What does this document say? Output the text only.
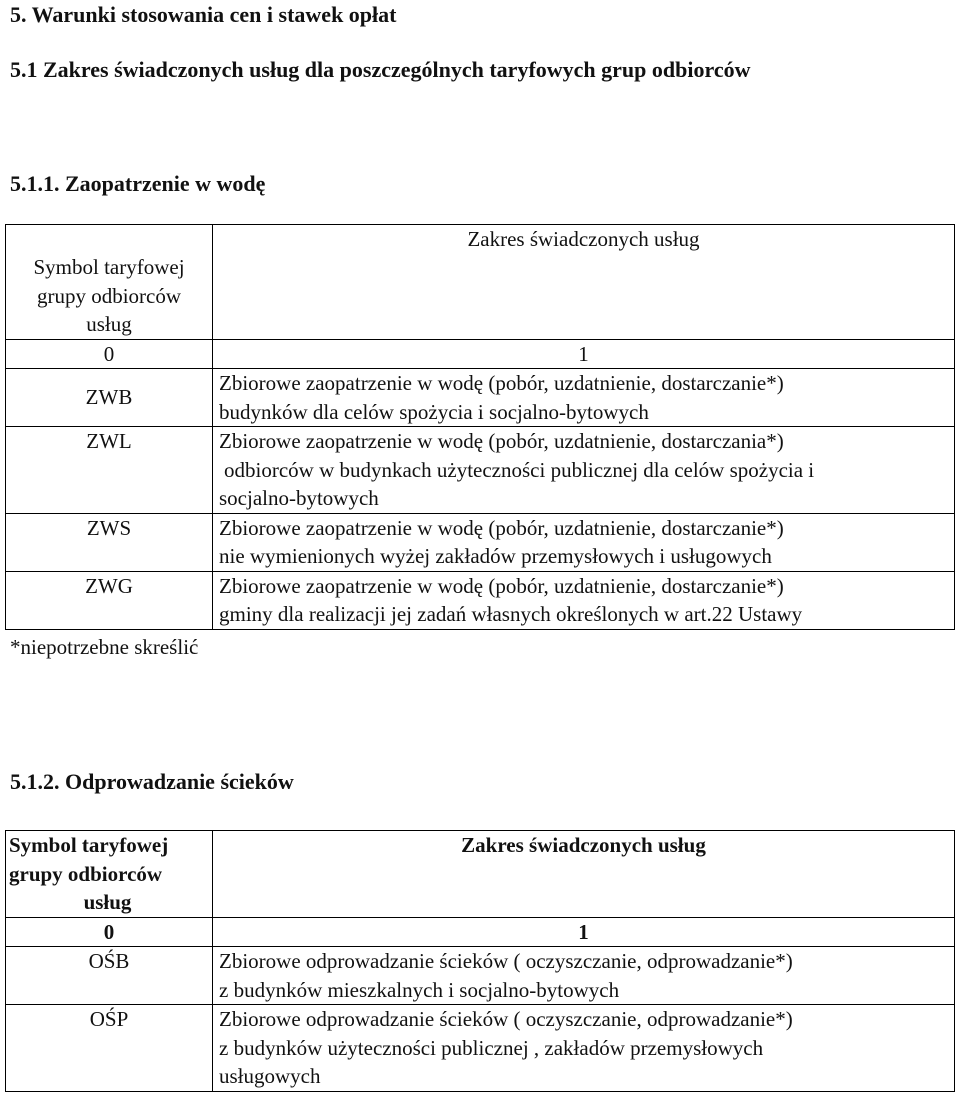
5. Warunki stosowania cen i stawek opłat
5.1 Zakres świadczonych usług dla poszczególnych taryfowych grup odbiorców
5.1.1. Zaopatrzenie w wodę
Symbol taryfowej
grupy odbiorców
usług	Zakres świadczonych usług
0	1
ZWB	Zbiorowe zaopatrzenie w wodę (pobór, uzdatnienie, dostarczanie*)
budynków dla celów spożycia i socjalno-bytowych

ZWL	Zbiorowe zaopatrzenie w wodę (pobór, uzdatnienie, dostarczania*)
odbiorców w budynkach użyteczności publicznej dla celów spożycia i
socjalno-bytowych

ZWS	Zbiorowe zaopatrzenie w wodę (pobór, uzdatnienie, dostarczanie*)
nie wymienionych wyżej zakładów przemysłowych i usługowych

ZWG	Zbiorowe zaopatrzenie w wodę (pobór, uzdatnienie, dostarczanie*)
gminy dla realizacji jej zadań własnych określonych w art.22 Ustawy
*niepotrzebne skreślić
5.1.2. Odprowadzanie ścieków
Symbol taryfowej
grupy odbiorców
usług	Zakres świadczonych usług
0	1
OŚB	Zbiorowe odprowadzanie ścieków ( oczyszczanie, odprowadzanie*)
z budynków mieszkalnych i socjalno-bytowych

OŚP	Zbiorowe odprowadzanie ścieków ( oczyszczanie, odprowadzanie*)
z budynków użyteczności publicznej , zakładów przemysłowych
usługowych
